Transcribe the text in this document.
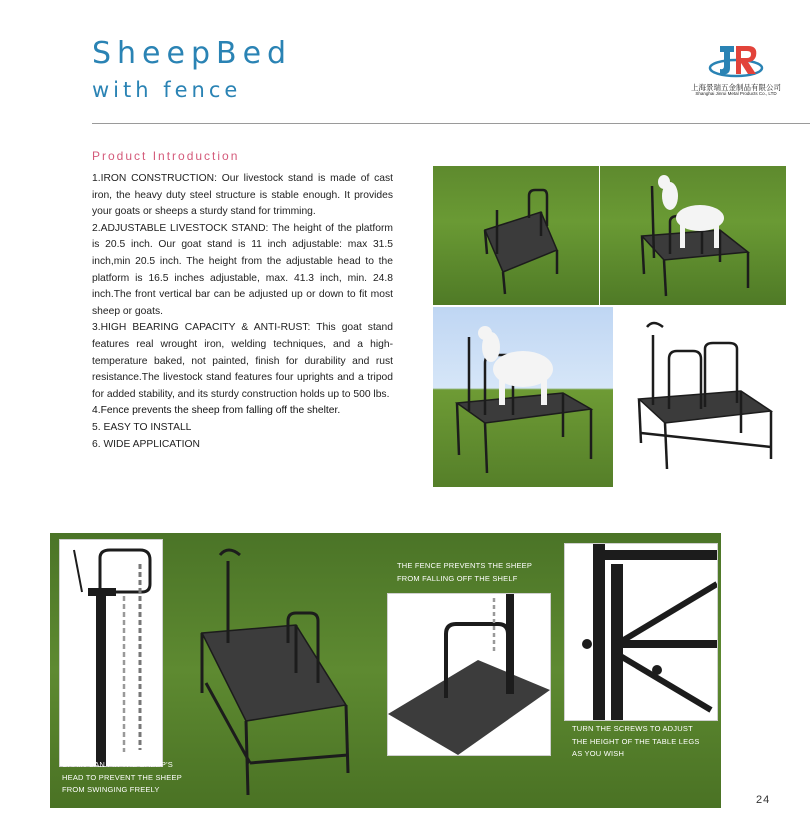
SheepBed
with fence	上海景瑞五金制品有限公司
Shanghai Jinrui Metal Products Co., LTD
Product Introduction

1.IRON CONSTRUCTION: Our livestock stand is made of cast iron, the heavy duty steel structure is stable enough. It provides your goats or sheeps a sturdy stand for trimming.

2.ADJUSTABLE LIVESTOCK STAND: The height of the platform is 20.5 inch. Our goat stand is 11 inch adjustable: max 31.5 inch,min 20.5 inch. The height from the adjustable head to the platform is 16.5 inches adjustable, max. 41.3 inch, min. 24.8 inch.The front vertical bar can be adjusted up or down to fit most sheep or goats.

3.HIGH BEARING CAPACITY & ANTI-RUST: This goat stand features real wrought iron, welding techniques, and a high-temperature baked, not painted, finish for durability and rust resistance.The livestock stand features four uprights and a tripod for added stability, and its sturdy construction holds up to 500 lbs.

4.Fence prevents the sheep from falling off the shelter.

5. EASY TO INSTALL

6. WIDE APPLICATION

CHAIN CAN FIX THE SHEEP'S
HEAD TO PREVENT THE SHEEP
FROM SWINGING FREELY
THE FENCE PREVENTS THE SHEEP
FROM FALLING OFF THE SHELF
TURN THE SCREWS TO ADJUST
THE HEIGHT OF THE TABLE LEGS
AS YOU WISH
24
